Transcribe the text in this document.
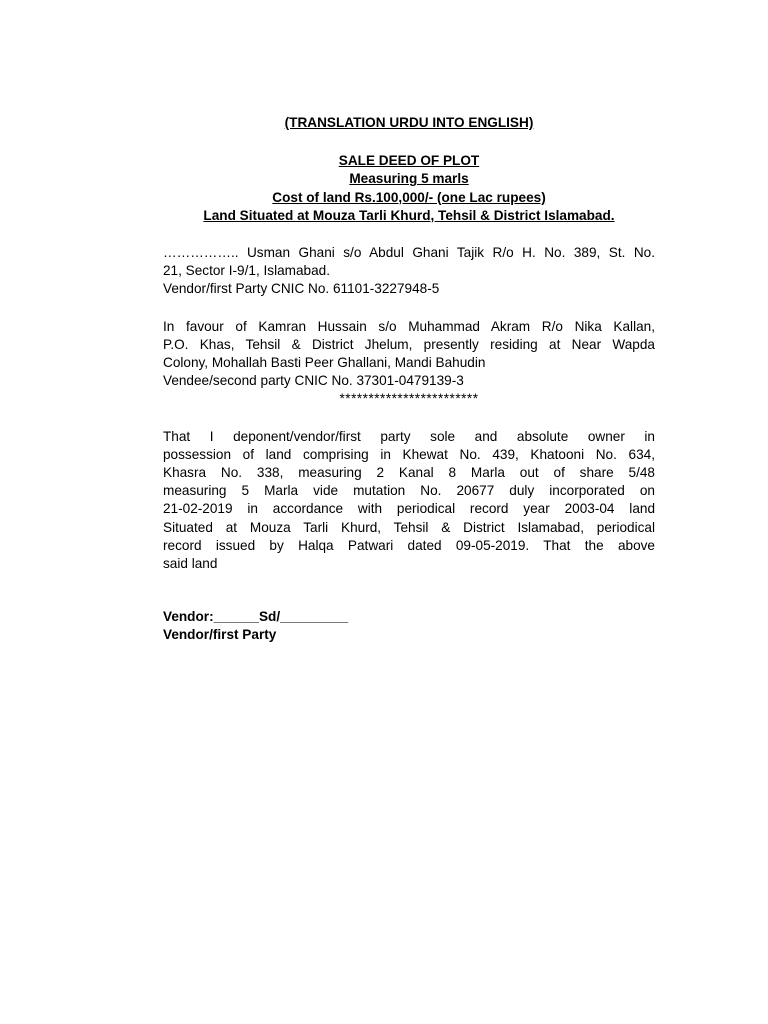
(TRANSLATION URDU INTO ENGLISH)
SALE DEED OF PLOT
Measuring 5 marls
Cost of land Rs.100,000/- (one Lac rupees)
Land Situated at Mouza Tarli Khurd, Tehsil & District Islamabad.
…………….. Usman Ghani s/o Abdul Ghani Tajik R/o H. No. 389, St. No.
21, Sector I-9/1, Islamabad.
Vendor/first Party CNIC No. 61101-3227948-5
In favour of Kamran Hussain s/o Muhammad Akram R/o Nika Kallan,
P.O. Khas, Tehsil & District Jhelum, presently residing at Near Wapda
Colony, Mohallah Basti Peer Ghallani, Mandi Bahudin
Vendee/second party CNIC No. 37301-0479139-3
************************
That I deponent/vendor/first party sole and absolute owner in
possession of land comprising in Khewat No. 439, Khatooni No. 634,
Khasra No. 338, measuring 2 Kanal 8 Marla out of share 5/48
measuring 5 Marla vide mutation No. 20677 duly incorporated on
21-02-2019 in accordance with periodical record year 2003-04 land
Situated at Mouza Tarli Khurd, Tehsil & District Islamabad, periodical
record issued by Halqa Patwari dated 09-05-2019. That the above
said land
Vendor:______Sd/_________
Vendor/first Party
